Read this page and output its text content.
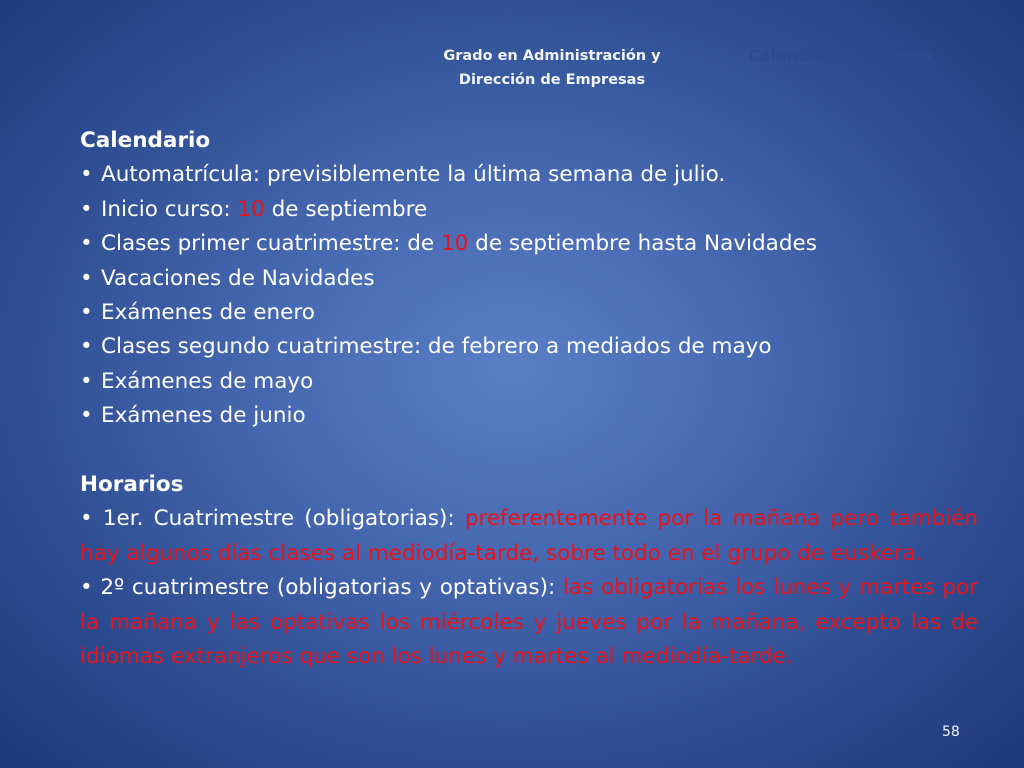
Grado en Administración y
Dirección de Empresas
Calendario y horario
Calendario
• Automatrícula: previsiblemente la última semana de julio.
• Inicio curso: 10 de septiembre
• Clases primer cuatrimestre: de 10 de septiembre hasta Navidades
• Vacaciones de Navidades
• Exámenes de enero
• Clases segundo cuatrimestre: de febrero a mediados de mayo
• Exámenes de mayo
• Exámenes de junio
Horarios
• 1er. Cuatrimestre (obligatorias): preferentemente por la mañana pero también hay algunos días clases al mediodía-tarde, sobre todo en el grupo de euskera.
• 2º cuatrimestre (obligatorias y optativas): las obligatorias los lunes y martes por la mañana y las optativas los miércoles y jueves por la mañana, excepto las de idiomas extranjeros que son los lunes y martes al mediodía-tarde.
58
